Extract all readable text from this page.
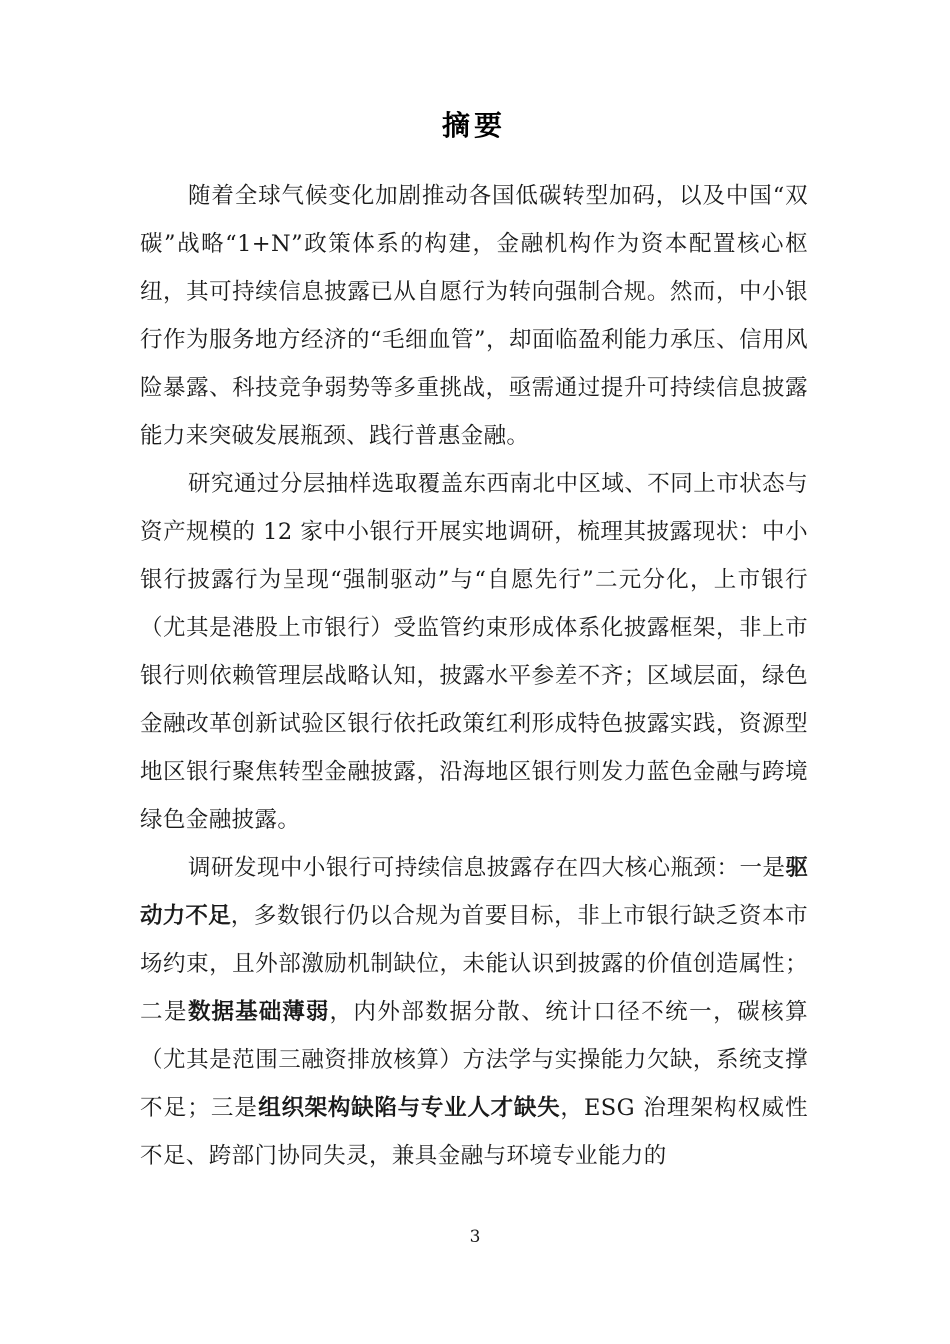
摘要

随着全球气候变化加剧推动各国低碳转型加码，以及中国“双碳”战略“1+N”政策体系的构建，金融机构作为资本配置核心枢纽，其可持续信息披露已从自愿行为转向强制合规。然而，中小银行作为服务地方经济的“毛细血管”，却面临盈利能力承压、信用风险暴露、科技竞争弱势等多重挑战，亟需通过提升可持续信息披露能力来突破发展瓶颈、践行普惠金融。

研究通过分层抽样选取覆盖东西南北中区域、不同上市状态与资产规模的 12 家中小银行开展实地调研，梳理其披露现状：中小银行披露行为呈现“强制驱动”与“自愿先行”二元分化，上市银行（尤其是港股上市银行）受监管约束形成体系化披露框架，非上市银行则依赖管理层战略认知，披露水平参差不齐；区域层面，绿色金融改革创新试验区银行依托政策红利形成特色披露实践，资源型地区银行聚焦转型金融披露，沿海地区银行则发力蓝色金融与跨境绿色金融披露。

调研发现中小银行可持续信息披露存在四大核心瓶颈：一是驱动力不足，多数银行仍以合规为首要目标，非上市银行缺乏资本市场约束，且外部激励机制缺位，未能认识到披露的价值创造属性；二是数据基础薄弱，内外部数据分散、统计口径不统一，碳核算（尤其是范围三融资排放核算）方法学与实操能力欠缺，系统支撑不足；三是组织架构缺陷与专业人才缺失，ESG 治理架构权威性不足、跨部门协同失灵，兼具金融与环境专业能力的

3
